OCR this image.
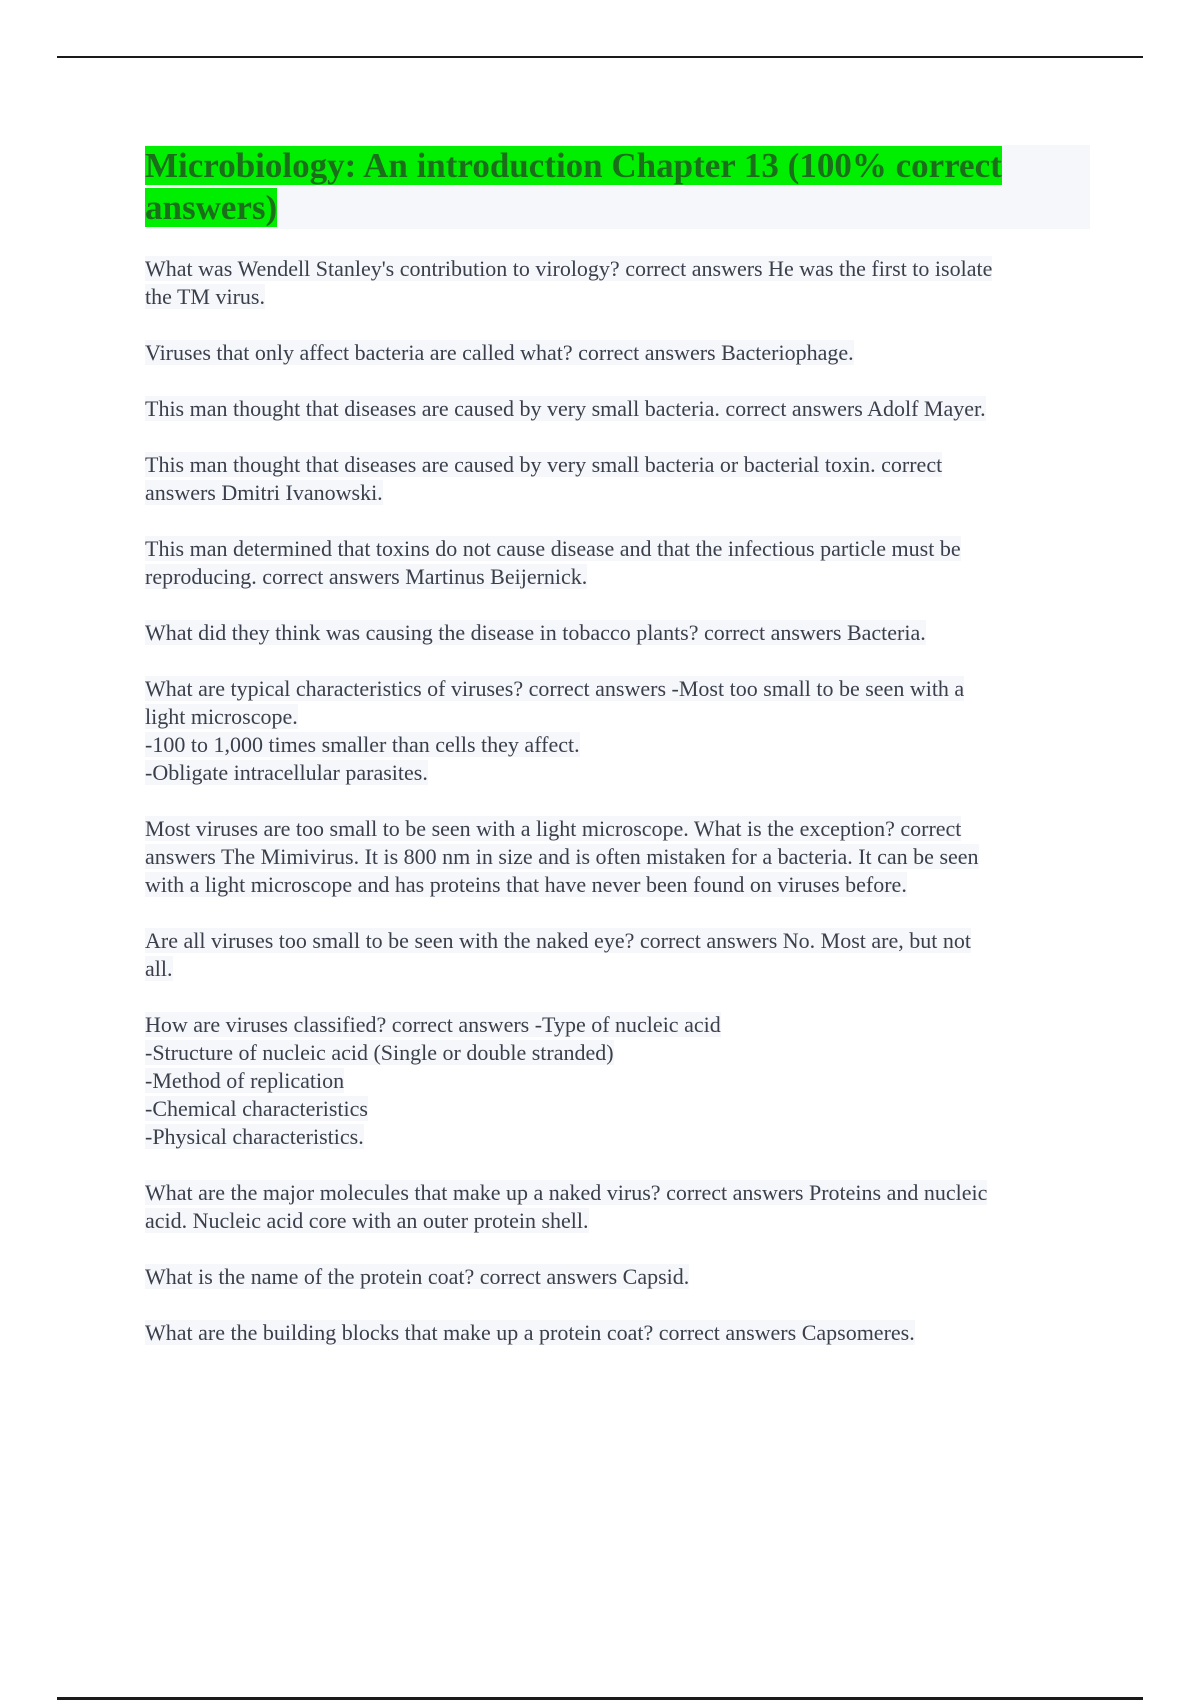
Microbiology: An introduction Chapter 13 (100% correct answers)
What was Wendell Stanley's contribution to virology? correct answers He was the first to isolate
the TM virus.
Viruses that only affect bacteria are called what? correct answers Bacteriophage.
This man thought that diseases are caused by very small bacteria. correct answers Adolf Mayer.
This man thought that diseases are caused by very small bacteria or bacterial toxin. correct
answers Dmitri Ivanowski.
This man determined that toxins do not cause disease and that the infectious particle must be
reproducing. correct answers Martinus Beijernick.
What did they think was causing the disease in tobacco plants? correct answers Bacteria.
What are typical characteristics of viruses? correct answers -Most too small to be seen with a
light microscope.
-100 to 1,000 times smaller than cells they affect.
-Obligate intracellular parasites.
Most viruses are too small to be seen with a light microscope. What is the exception? correct
answers The Mimivirus. It is 800 nm in size and is often mistaken for a bacteria. It can be seen
with a light microscope and has proteins that have never been found on viruses before.
Are all viruses too small to be seen with the naked eye? correct answers No. Most are, but not
all.
How are viruses classified? correct answers -Type of nucleic acid
-Structure of nucleic acid (Single or double stranded)
-Method of replication
-Chemical characteristics
-Physical characteristics.
What are the major molecules that make up a naked virus? correct answers Proteins and nucleic
acid. Nucleic acid core with an outer protein shell.
What is the name of the protein coat? correct answers Capsid.
What are the building blocks that make up a protein coat? correct answers Capsomeres.
